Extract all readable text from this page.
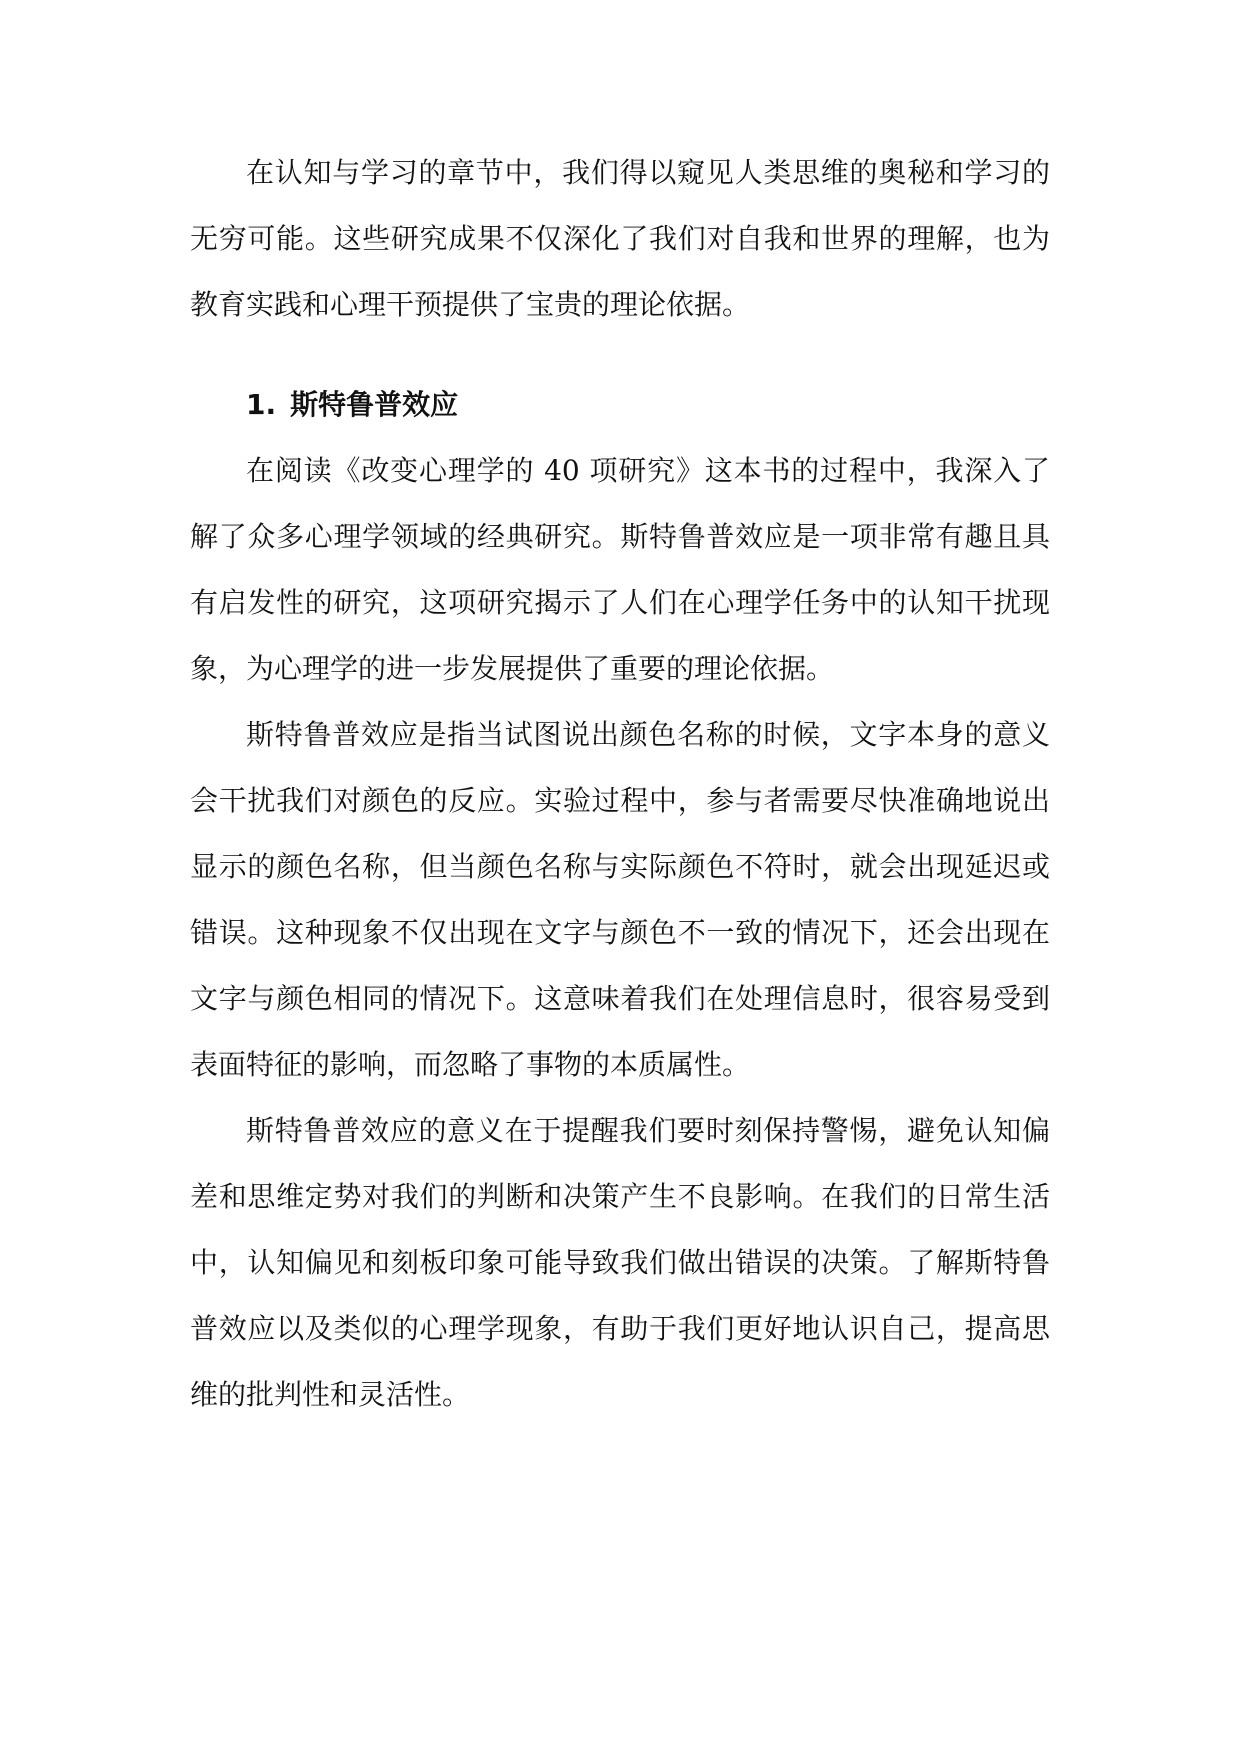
在认知与学习的章节中，我们得以窥见人类思维的奥秘和学习的无穷可能。这些研究成果不仅深化了我们对自我和世界的理解，也为教育实践和心理干预提供了宝贵的理论依据。

1. 斯特鲁普效应

在阅读《改变心理学的 40 项研究》这本书的过程中，我深入了解了众多心理学领域的经典研究。斯特鲁普效应是一项非常有趣且具有启发性的研究，这项研究揭示了人们在心理学任务中的认知干扰现象，为心理学的进一步发展提供了重要的理论依据。

斯特鲁普效应是指当试图说出颜色名称的时候，文字本身的意义会干扰我们对颜色的反应。实验过程中，参与者需要尽快准确地说出显示的颜色名称，但当颜色名称与实际颜色不符时，就会出现延迟或错误。这种现象不仅出现在文字与颜色不一致的情况下，还会出现在文字与颜色相同的情况下。这意味着我们在处理信息时，很容易受到表面特征的影响，而忽略了事物的本质属性。

斯特鲁普效应的意义在于提醒我们要时刻保持警惕，避免认知偏差和思维定势对我们的判断和决策产生不良影响。在我们的日常生活中，认知偏见和刻板印象可能导致我们做出错误的决策。了解斯特鲁普效应以及类似的心理学现象，有助于我们更好地认识自己，提高思维的批判性和灵活性。
